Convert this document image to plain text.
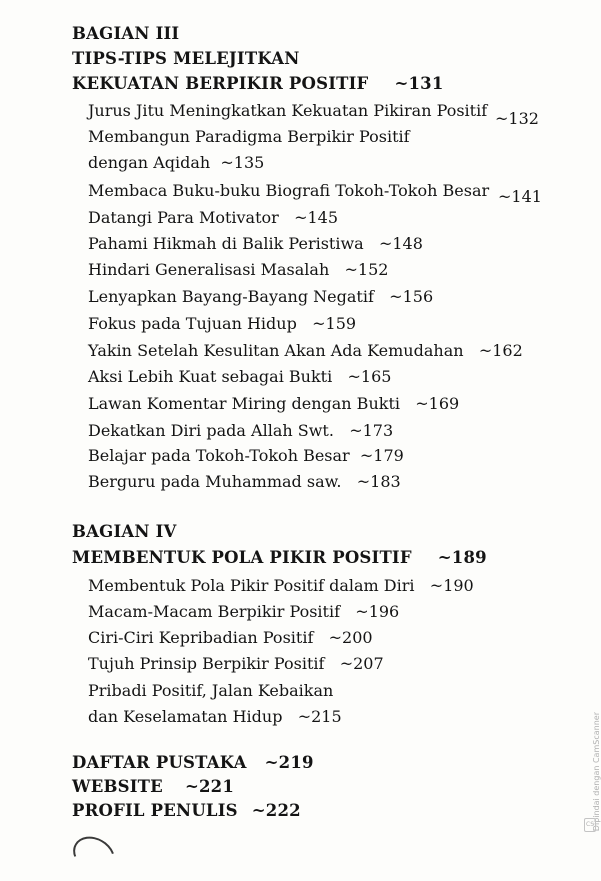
BAGIAN III
TIPS-TIPS MELEJITKAN
KEKUATAN BERPIKIR POSITIF ~131
Jurus Jitu Meningkatkan Kekuatan Pikiran Positif ~132
Membangun Paradigma Berpikir Positif
dengan Aqidah ~135
Membaca Buku-buku Biografi Tokoh-Tokoh Besar ~141
Datangi Para Motivator ~145
Pahami Hikmah di Balik Peristiwa ~148
Hindari Generalisasi Masalah ~152
Lenyapkan Bayang-Bayang Negatif ~156
Fokus pada Tujuan Hidup ~159
Yakin Setelah Kesulitan Akan Ada Kemudahan ~162
Aksi Lebih Kuat sebagai Bukti ~165
Lawan Komentar Miring dengan Bukti ~169
Dekatkan Diri pada Allah Swt. ~173
Belajar pada Tokoh-Tokoh Besar ~179
Berguru pada Muhammad saw. ~183
BAGIAN IV
MEMBENTUK POLA PIKIR POSITIF ~189
Membentuk Pola Pikir Positif dalam Diri ~190
Macam-Macam Berpikir Positif ~196
Ciri-Ciri Kepribadian Positif ~200
Tujuh Prinsip Berpikir Positif ~207
Pribadi Positif, Jalan Kebaikan
dan Keselamatan Hidup ~215
DAFTAR PUSTAKA ~219
WEBSITE ~221
PROFIL PENULIS ~222	Dipindai dengan CamScanner
CS
